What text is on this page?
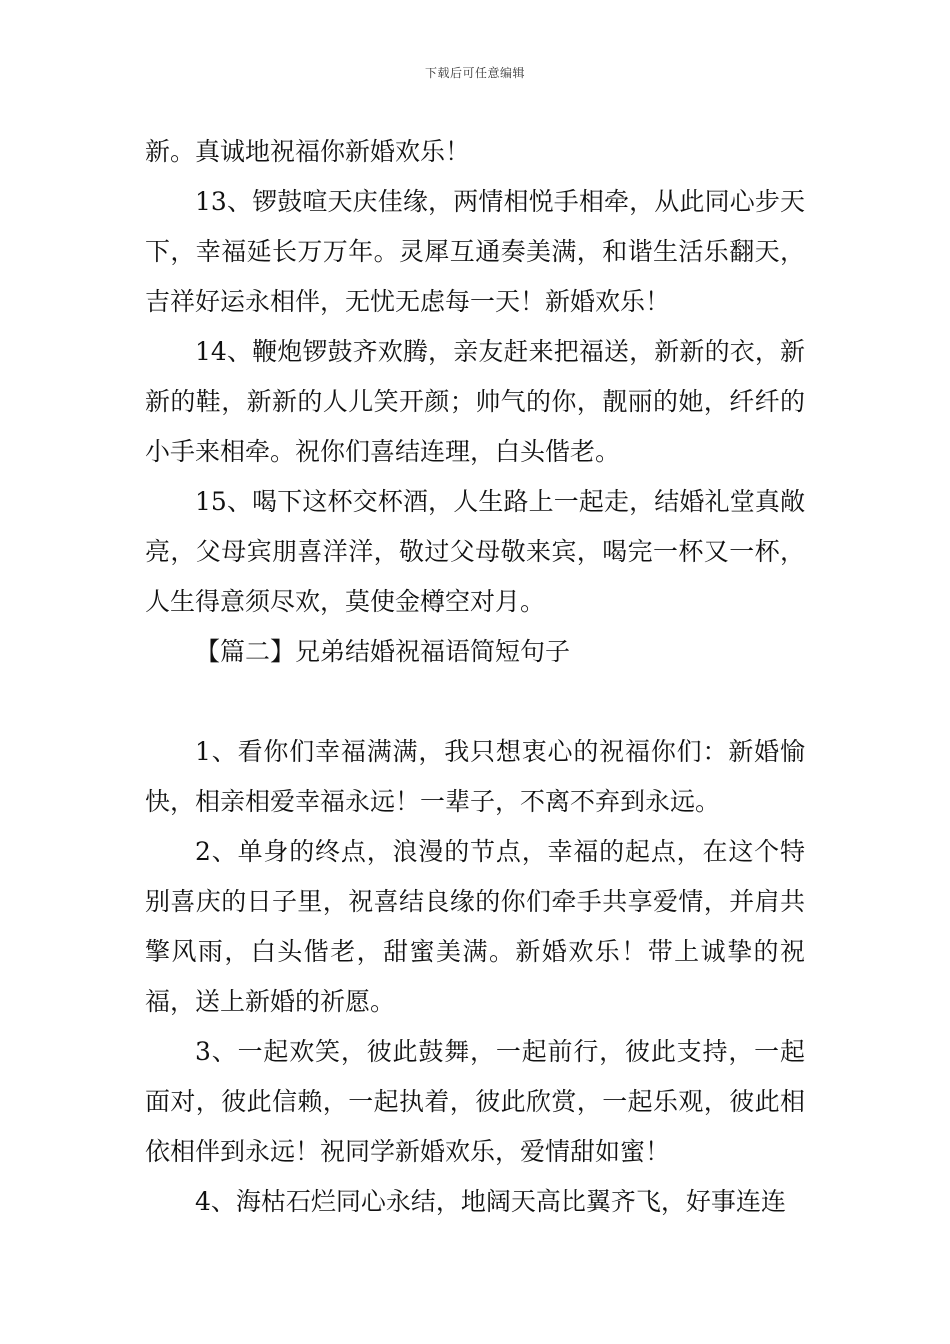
下载后可任意编辑

新。真诚地祝福你新婚欢乐！

13、锣鼓喧天庆佳缘，两情相悦手相牵，从此同心步天下，幸福延长万万年。灵犀互通奏美满，和谐生活乐翻天，吉祥好运永相伴，无忧无虑每一天！新婚欢乐！

14、鞭炮锣鼓齐欢腾，亲友赶来把福送，新新的衣，新新的鞋，新新的人儿笑开颜；帅气的你，靓丽的她，纤纤的小手来相牵。祝你们喜结连理，白头偕老。

15、喝下这杯交杯酒，人生路上一起走，结婚礼堂真敞亮，父母宾朋喜洋洋，敬过父母敬来宾，喝完一杯又一杯，人生得意须尽欢，莫使金樽空对月。

【篇二】兄弟结婚祝福语简短句子

1、看你们幸福满满，我只想衷心的祝福你们：新婚愉快，相亲相爱幸福永远！一辈子，不离不弃到永远。

2、单身的终点，浪漫的节点，幸福的起点，在这个特别喜庆的日子里，祝喜结良缘的你们牵手共享爱情，并肩共擎风雨，白头偕老，甜蜜美满。新婚欢乐！带上诚挚的祝福，送上新婚的祈愿。

3、一起欢笑，彼此鼓舞，一起前行，彼此支持，一起面对，彼此信赖，一起执着，彼此欣赏，一起乐观，彼此相依相伴到永远！祝同学新婚欢乐，爱情甜如蜜！

4、海枯石烂同心永结，地阔天高比翼齐飞，好事连连
